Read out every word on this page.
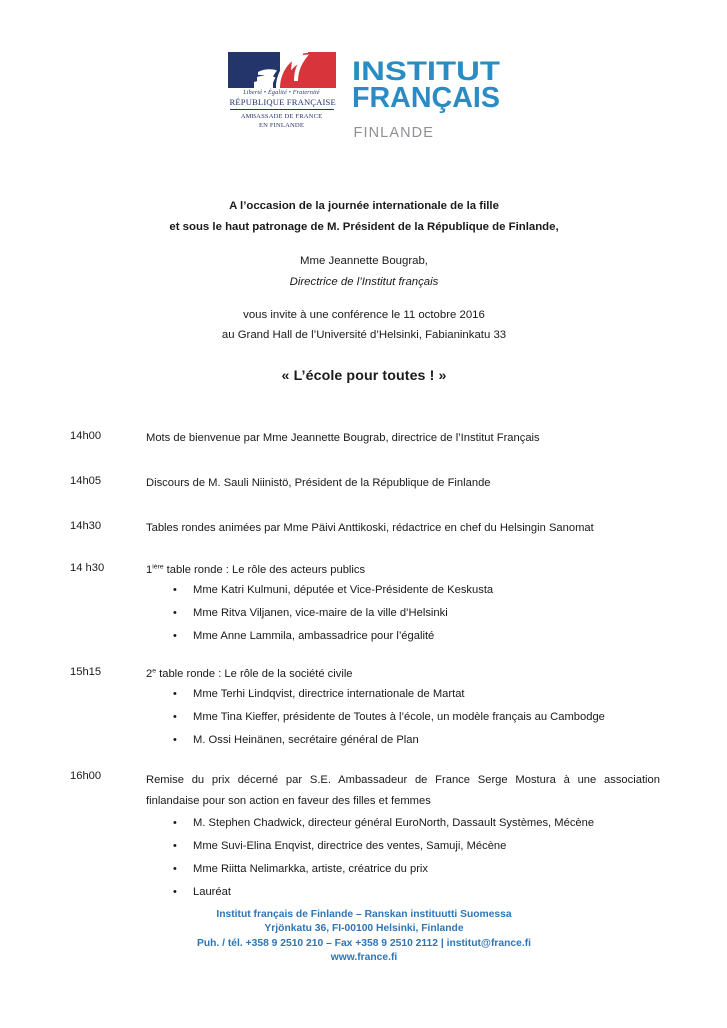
Liberté • Égalité • Fraternité
RÉPUBLIQUE FRANÇAISE
AMBASSADE DE FRANCE
EN FINLANDE
INSTITUT
FRANÇAIS
FINLANDE
A l’occasion de la journée internationale de la fille
et sous le haut patronage de M. Président de la République de Finlande,
Mme Jeannette Bougrab,
Directrice de l’Institut français
vous invite à une conférence le 11 octobre 2016
au Grand Hall de l’Université d’Helsinki, Fabianinkatu 33
« L’école pour toutes ! »
14h00	Mots de bienvenue par Mme Jeannette Bougrab, directrice de l’Institut Français
14h05	Discours de M. Sauli Niinistö, Président de la République de Finlande
14h30	Tables rondes animées par Mme Päivi Anttikoski, rédactrice en chef du Helsingin Sanomat
14 h30	$1^{ière}$ table ronde : Le rôle des acteurs publics
• Mme Katri Kulmuni, députée et Vice-Présidente de Keskusta
• Mme Ritva Viljanen, vice-maire de la ville d’Helsinki
• Mme Anne Lammila, ambassadrice pour l’égalité
15h15	2e table ronde : Le rôle de la société civile
• Mme Terhi Lindqvist, directrice internationale de Martat
• Mme Tina Kieffer, présidente de Toutes à l’école, un modèle français au Cambodge
• M. Ossi Heinänen, secrétaire général de Plan
16h00	Remise du prix décerné par S.E. Ambassadeur de France Serge Mostura à une association
finlandaise pour son action en faveur des filles et femmes
• M. Stephen Chadwick, directeur général EuroNorth, Dassault Systèmes, Mécène
• Mme Suvi-Elina Enqvist, directrice des ventes, Samuji, Mécène
• Mme Riitta Nelimarkka, artiste, créatrice du prix
• Lauréat
Institut français de Finlande – Ranskan instituutti Suomessa
Yrjönkatu 36, FI-00100 Helsinki, Finlande
Puh. / tél. +358 9 2510 210 – Fax +358 9 2510 2112 | institut@france.fi
www.france.fi
